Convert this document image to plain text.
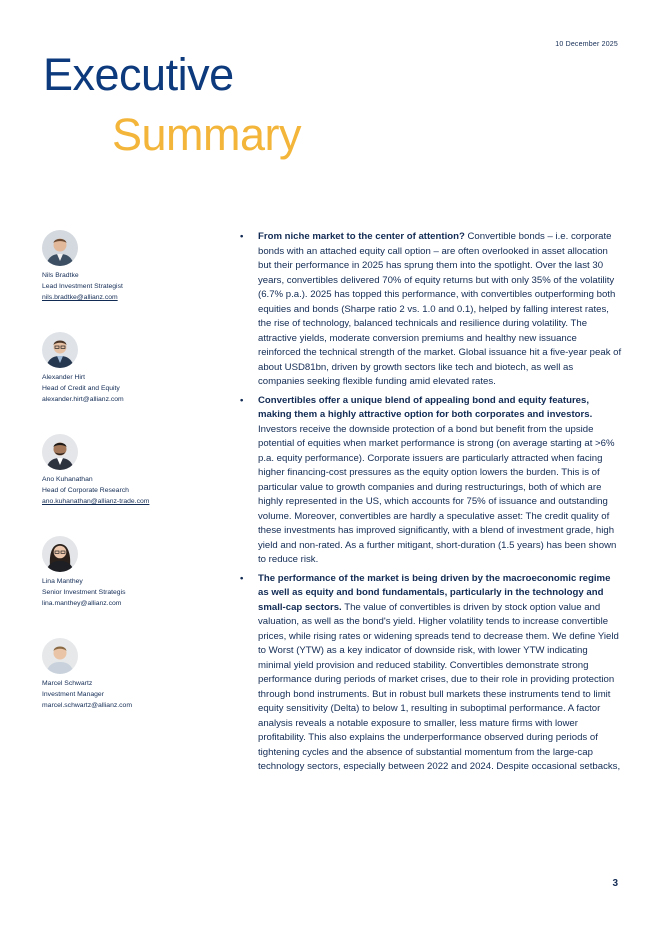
10 December 2025
Executive
Summary
Nils Bradtke
Lead Investment Strategist
nils.bradtke@allianz.com
Alexander Hirt
Head of Credit and Equity
alexander.hirt@allianz.com
Ano Kuhanathan
Head of Corporate Research
ano.kuhanathan@allianz-trade.com
Lina Manthey
Senior Investment Strategis
lina.manthey@allianz.com
Marcel Schwartz
Investment Manager
marcel.schwartz@allianz.com
• From niche market to the center of attention? Convertible bonds – i.e. corporate bonds with an attached equity call option – are often overlooked in asset allocation but their performance in 2025 has sprung them into the spotlight. Over the last 30 years, convertibles delivered 70% of equity returns but with only 35% of the volatility (6.7% p.a.). 2025 has topped this performance, with convertibles outperforming both equities and bonds (Sharpe ratio 2 vs. 1.0 and 0.1), helped by falling interest rates, the rise of technology, balanced technicals and resilience during volatility. The attractive yields, moderate conversion premiums and healthy new issuance reinforced the technical strength of the market. Global issuance hit a five-year peak of about USD81bn, driven by growth sectors like tech and biotech, as well as companies seeking flexible funding amid elevated rates.
• Convertibles offer a unique blend of appealing bond and equity features, making them a highly attractive option for both corporates and investors. Investors receive the downside protection of a bond but benefit from the upside potential of equities when market performance is strong (on average starting at >6% p.a. equity performance). Corporate issuers are particularly attracted when facing higher financing-cost pressures as the equity option lowers the burden. This is of particular value to growth companies and during restructurings, both of which are highly represented in the US, which accounts for 75% of issuance and outstanding volume. Moreover, convertibles are hardly a speculative asset: The credit quality of these investments has improved significantly, with a blend of investment grade, high yield and non-rated. As a further mitigant, short-duration (1.5 years) has been shown to reduce risk.
• The performance of the market is being driven by the macroeconomic regime as well as equity and bond fundamentals, particularly in the technology and small-cap sectors. The value of convertibles is driven by stock option value and valuation, as well as the bond's yield. Higher volatility tends to increase convertible prices, while rising rates or widening spreads tend to decrease them. We define Yield to Worst (YTW) as a key indicator of downside risk, with lower YTW indicating minimal yield provision and reduced stability. Convertibles demonstrate strong performance during periods of market crises, due to their role in providing protection through bond instruments. But in robust bull markets these instruments tend to limit equity sensitivity (Delta) to below 1, resulting in suboptimal performance. A factor analysis reveals a notable exposure to smaller, less mature firms with lower profitability. This also explains the underperformance observed during periods of tightening cycles and the absence of substantial momentum from the large-cap technology sectors, especially between 2022 and 2024. Despite occasional setbacks,
3
